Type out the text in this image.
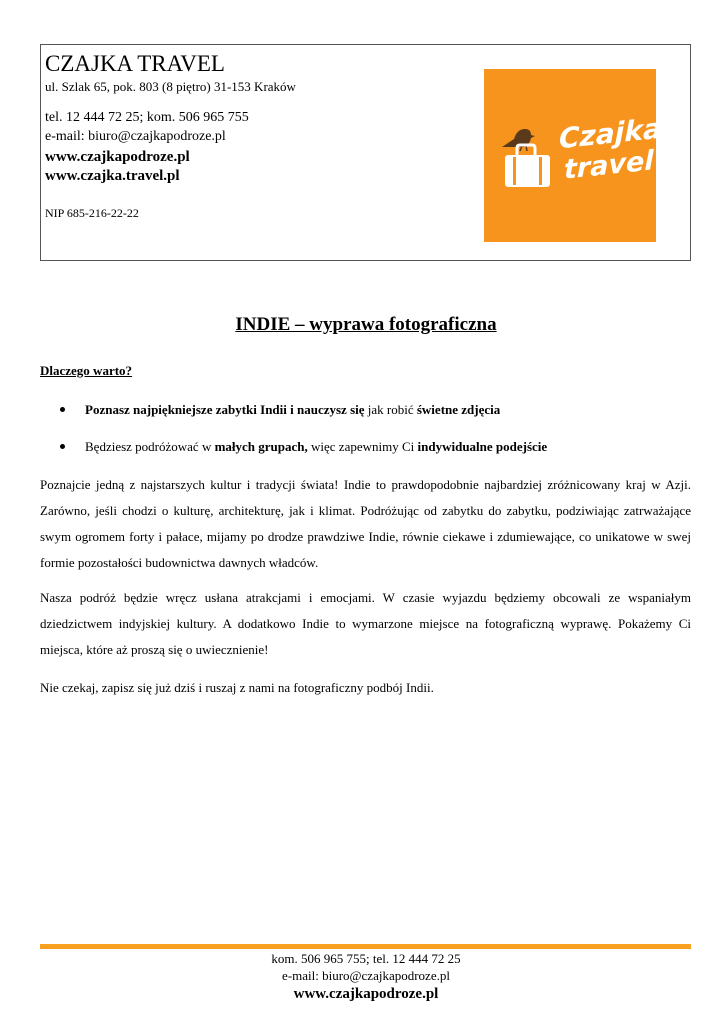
CZAJKA TRAVEL
ul. Szlak 65, pok. 803 (8 piętro) 31-153 Kraków
tel. 12 444 72 25; kom. 506 965 755
e-mail: biuro@czajkapodroze.pl
www.czajkapodroze.pl
www.czajka.travel.pl
NIP 685-216-22-22
Czajka
travel
INDIE – wyprawa fotograficzna
Dlaczego warto?
Poznasz najpiękniejsze zabytki Indii i nauczysz się jak robić świetne zdjęcia
Będziesz podróżować w małych grupach, więc zapewnimy Ci indywidualne podejście

Poznajcie jedną z najstarszych kultur i tradycji świata! Indie to prawdopodobnie najbardziej zróżnicowany kraj w Azji. Zarówno, jeśli chodzi o kulturę, architekturę, jak i klimat. Podróżując od zabytku do zabytku, podziwiając zatrważające swym ogromem forty i pałace, mijamy po drodze prawdziwe Indie, równie ciekawe i zdumiewające, co unikatowe w swej formie pozostałości budownictwa dawnych władców.

Nasza podróż będzie wręcz usłana atrakcjami i emocjami. W czasie wyjazdu będziemy obcowali ze wspaniałym dziedzictwem indyjskiej kultury. A dodatkowo Indie to wymarzone miejsce na fotograficzną wyprawę. Pokażemy Ci miejsca, które aż proszą się o uwiecznienie!

Nie czekaj, zapisz się już dziś i ruszaj z nami na fotograficzny podbój Indii.

kom. 506 965 755; tel. 12 444 72 25
e-mail: biuro@czajkapodroze.pl
www.czajkapodroze.pl
